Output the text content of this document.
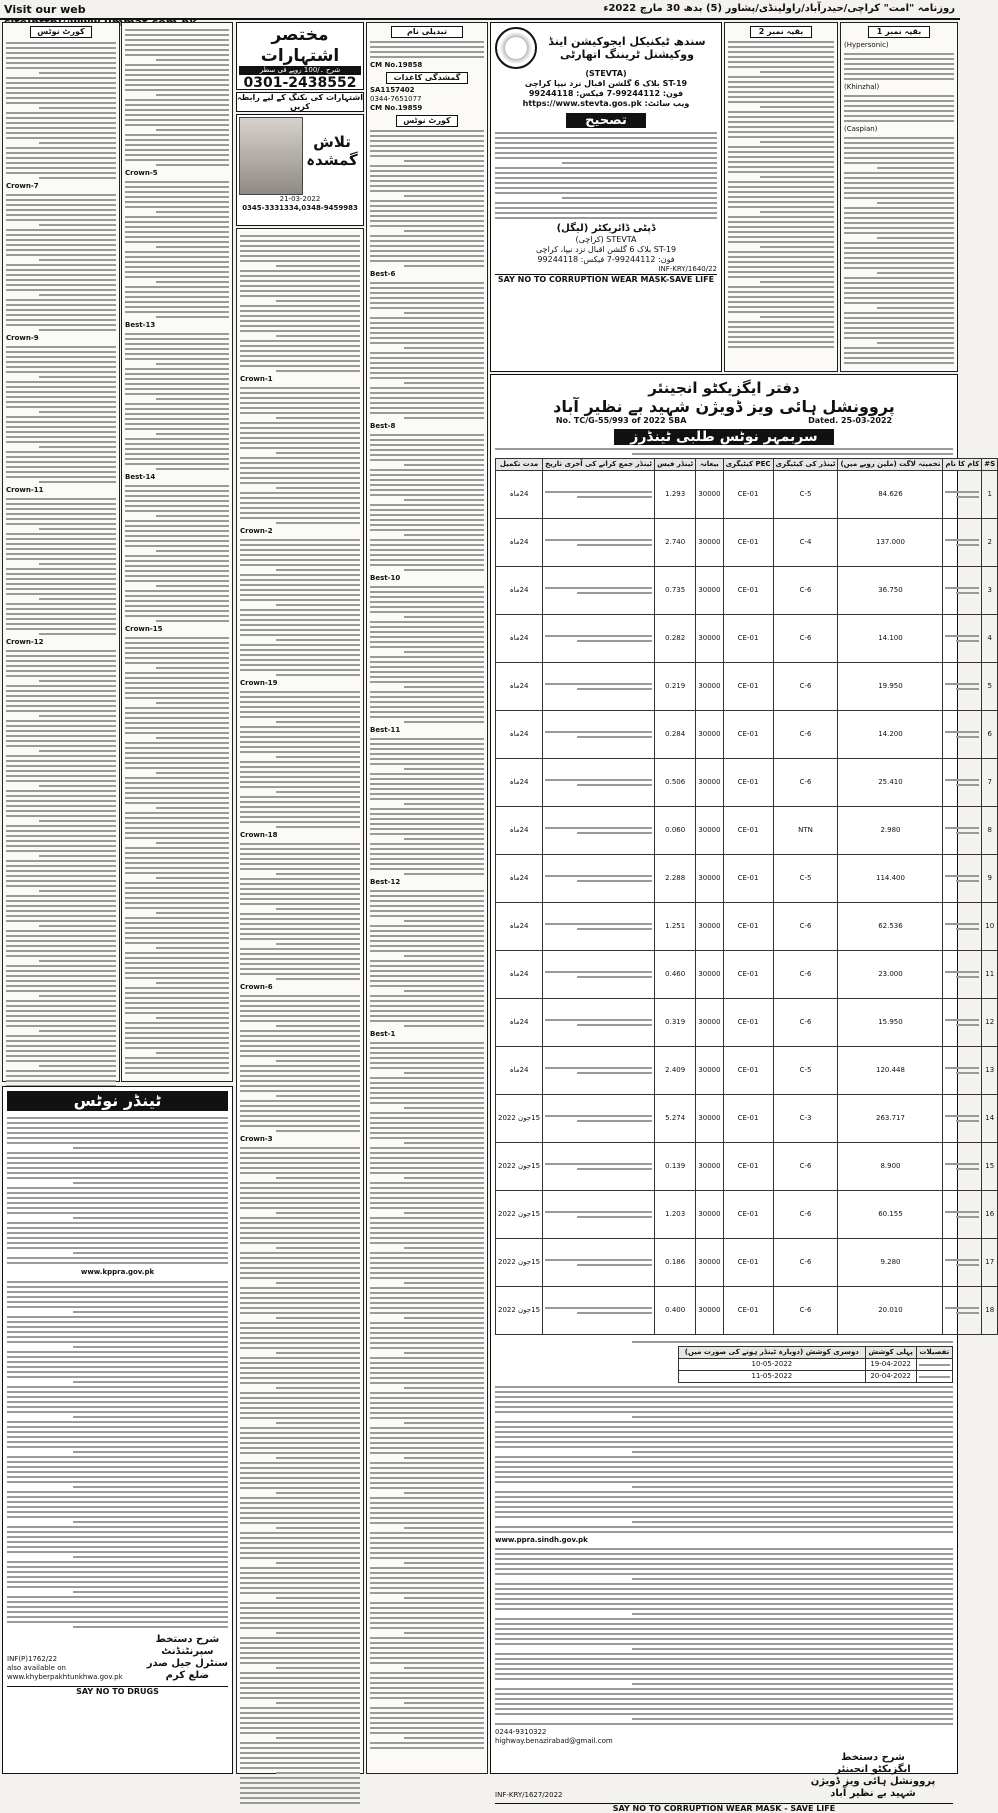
Visit our web	روزنامہ "امت" کراچی/حیدرآباد/راولپنڈی/پشاور (5) بدھ 30 مارچ 2022ء
کورٹ نوٹس
Crown-7
Crown-9
Crown-11
Crown-12
Crown-5
Best-13
Best-14
Crown-15
ٹینڈر نوٹس
www.kppra.gov.pk
INF(P)1762/22
also available on
www.khyberpakhtunkhwa.gov.pk
شرح دستخط
سپرنٹنڈنٹ
سنٹرل جیل صدر
ضلع کرم
SAY NO TO DRUGS
مختصر اشتہارات
شرح ۔/100 روپے فی سطر
0301-2438552
اشتہارات کی بکنگ کے لیے رابطہ کریں
تلاش گمشدہ
21-03-2022
0345-3331334,0348-9459983
Crown-1
Crown-2
Crown-19
Crown-18
Crown-6
Crown-3
تبدیلی نام
CM No.19858
گمشدگی کاغذات
SA1157402
0344-7651077
CM No.19859
کورٹ نوٹس
Best-6
Best-8
Best-10
Best-11
Best-12
Best-1
سندھ ٹیکنیکل ایجوکیشن اینڈ ووکیشنل ٹریننگ اتھارٹی
(STEVTA)
ST-19 بلاک 6 گلشن اقبال نزد نیپا کراچی
فون: 99244112-7 فیکس: 99244118
ویب سائٹ: https://www.stevta.gos.pk
تصحیح
ڈپٹی ڈائریکٹر (لیگل)
STEVTA (کراچی)
ST-19 بلاک 6 گلشن اقبال نزد نیپا، کراچی
فون: 99244112-7 فیکس: 99244118
INF-KRY/1640/22
SAY NO TO CORRUPTION WEAR MASK-SAVE LIFE
بقیہ نمبر 2	بقیہ نمبر 1
(Hypersonic)
(Khinzhal)
(Caspian)
دفتر ایگزیکٹو انجینئر
پروونشل ہائی ویز ڈویژن شہید بے نظیر آباد
No. TC/G-55/993 of 2022 SBA	Dated. 25-03-2022
سربمہر نوٹس طلبی ٹینڈرز
S#	کام کا نام	تخمینہ لاگت (ملین روپے میں)	ٹینڈر کی کیٹیگری	PEC کیٹیگری	بیعانہ	ٹینڈر فیس	ٹینڈر جمع کرانے کی آخری تاریخ	مدت تکمیل
1		84.626	C-5	CE-01	30000	1.293		24ماہ
2		137.000	C-4	CE-01	30000	2.740		24ماہ
3		36.750	C-6	CE-01	30000	0.735		24ماہ
4		14.100	C-6	CE-01	30000	0.282		24ماہ
5		19.950	C-6	CE-01	30000	0.219		24ماہ
6		14.200	C-6	CE-01	30000	0.284		24ماہ
7		25.410	C-6	CE-01	30000	0.506		24ماہ
8		2.980	NTN	CE-01	30000	0.060		24ماہ
9		114.400	C-5	CE-01	30000	2.288		24ماہ
10		62.536	C-6	CE-01	30000	1.251		24ماہ
11		23.000	C-6	CE-01	30000	0.460		24ماہ
12		15.950	C-6	CE-01	30000	0.319		24ماہ
13		120.448	C-5	CE-01	30000	2.409		24ماہ
14		263.717	C-3	CE-01	30000	5.274		15جون 2022
15		8.900	C-6	CE-01	30000	0.139		15جون 2022
16		60.155	C-6	CE-01	30000	1.203		15جون 2022
17		9.280	C-6	CE-01	30000	0.186		15جون 2022
18		20.010	C-6	CE-01	30000	0.400		15جون 2022
تفصیلات	پہلی کوشش	دوسری کوشش (دوبارہ ٹینڈر ہونے کی صورت میں)

	19-04-2022	10-05-2022

	20-04-2022	11-05-2022
www.ppra.sindh.gov.pk
0244-9310322
highway.benazirabad@gmail.com
INF-KRY/1627/2022
شرح دستخط
ایگزیکٹو انجینئر
پروونشل ہائی ویز ڈویژن
شہید بے نظیر آباد
SAY NO TO CORRUPTION WEAR MASK - SAVE LIFE
